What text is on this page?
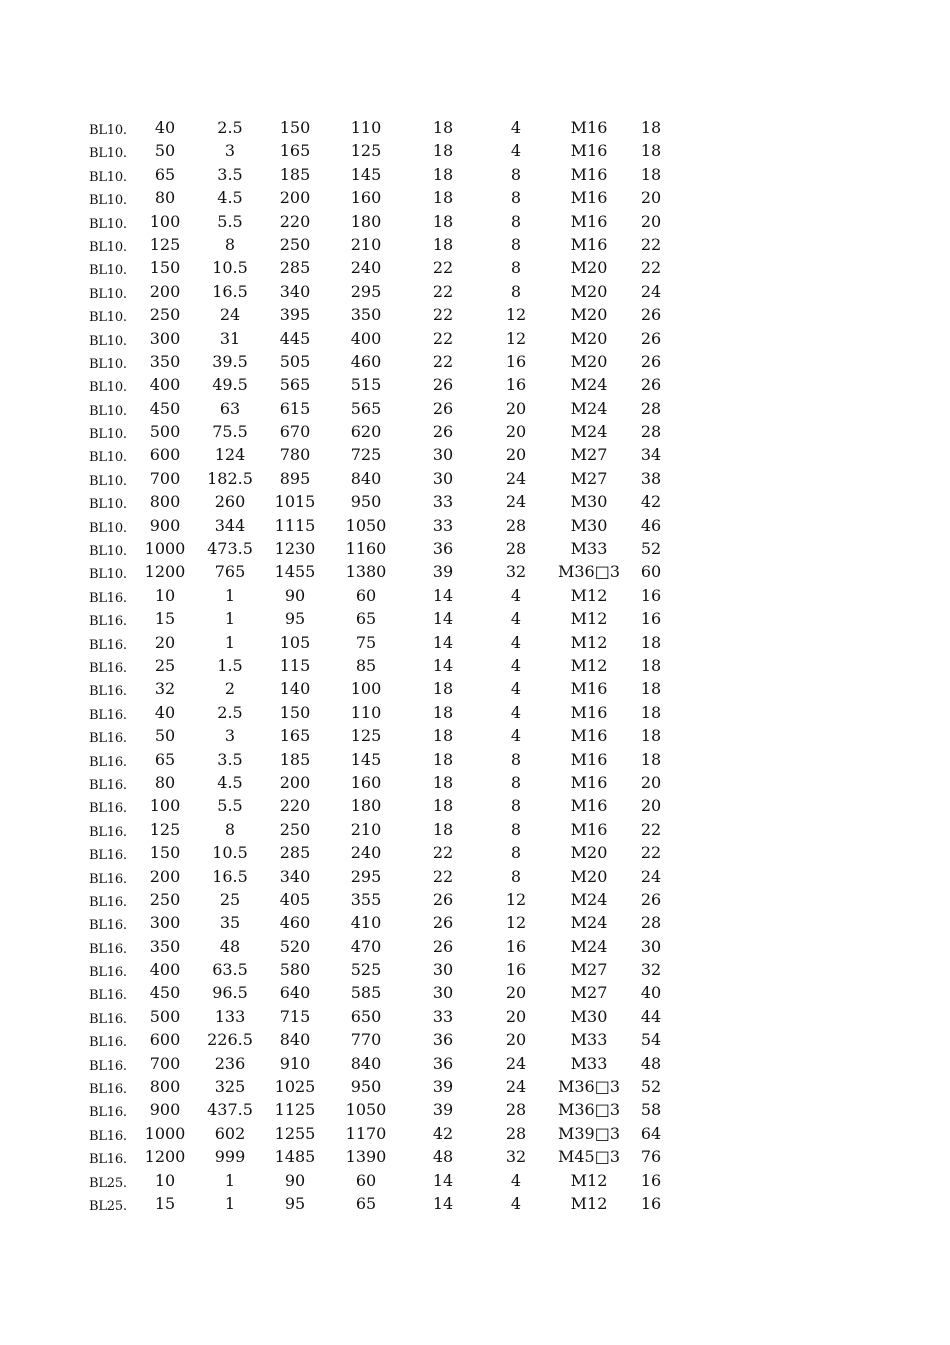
BL10.	40	2.5	150	110	18	4	M16	18
BL10.	50	3	165	125	18	4	M16	18
BL10.	65	3.5	185	145	18	8	M16	18
BL10.	80	4.5	200	160	18	8	M16	20
BL10.	100	5.5	220	180	18	8	M16	20
BL10.	125	8	250	210	18	8	M16	22
BL10.	150	10.5	285	240	22	8	M20	22
BL10.	200	16.5	340	295	22	8	M20	24
BL10.	250	24	395	350	22	12	M20	26
BL10.	300	31	445	400	22	12	M20	26
BL10.	350	39.5	505	460	22	16	M20	26
BL10.	400	49.5	565	515	26	16	M24	26
BL10.	450	63	615	565	26	20	M24	28
BL10.	500	75.5	670	620	26	20	M24	28
BL10.	600	124	780	725	30	20	M27	34
BL10.	700	182.5	895	840	30	24	M27	38
BL10.	800	260	1015	950	33	24	M30	42
BL10.	900	344	1115	1050	33	28	M30	46
BL10.	1000	473.5	1230	1160	36	28	M33	52
BL10.	1200	765	1455	1380	39	32	M36□3	60
BL16.	10	1	90	60	14	4	M12	16
BL16.	15	1	95	65	14	4	M12	16
BL16.	20	1	105	75	14	4	M12	18
BL16.	25	1.5	115	85	14	4	M12	18
BL16.	32	2	140	100	18	4	M16	18
BL16.	40	2.5	150	110	18	4	M16	18
BL16.	50	3	165	125	18	4	M16	18
BL16.	65	3.5	185	145	18	8	M16	18
BL16.	80	4.5	200	160	18	8	M16	20
BL16.	100	5.5	220	180	18	8	M16	20
BL16.	125	8	250	210	18	8	M16	22
BL16.	150	10.5	285	240	22	8	M20	22
BL16.	200	16.5	340	295	22	8	M20	24
BL16.	250	25	405	355	26	12	M24	26
BL16.	300	35	460	410	26	12	M24	28
BL16.	350	48	520	470	26	16	M24	30
BL16.	400	63.5	580	525	30	16	M27	32
BL16.	450	96.5	640	585	30	20	M27	40
BL16.	500	133	715	650	33	20	M30	44
BL16.	600	226.5	840	770	36	20	M33	54
BL16.	700	236	910	840	36	24	M33	48
BL16.	800	325	1025	950	39	24	M36□3	52
BL16.	900	437.5	1125	1050	39	28	M36□3	58
BL16.	1000	602	1255	1170	42	28	M39□3	64
BL16.	1200	999	1485	1390	48	32	M45□3	76
BL25.	10	1	90	60	14	4	M12	16
BL25.	15	1	95	65	14	4	M12	16
